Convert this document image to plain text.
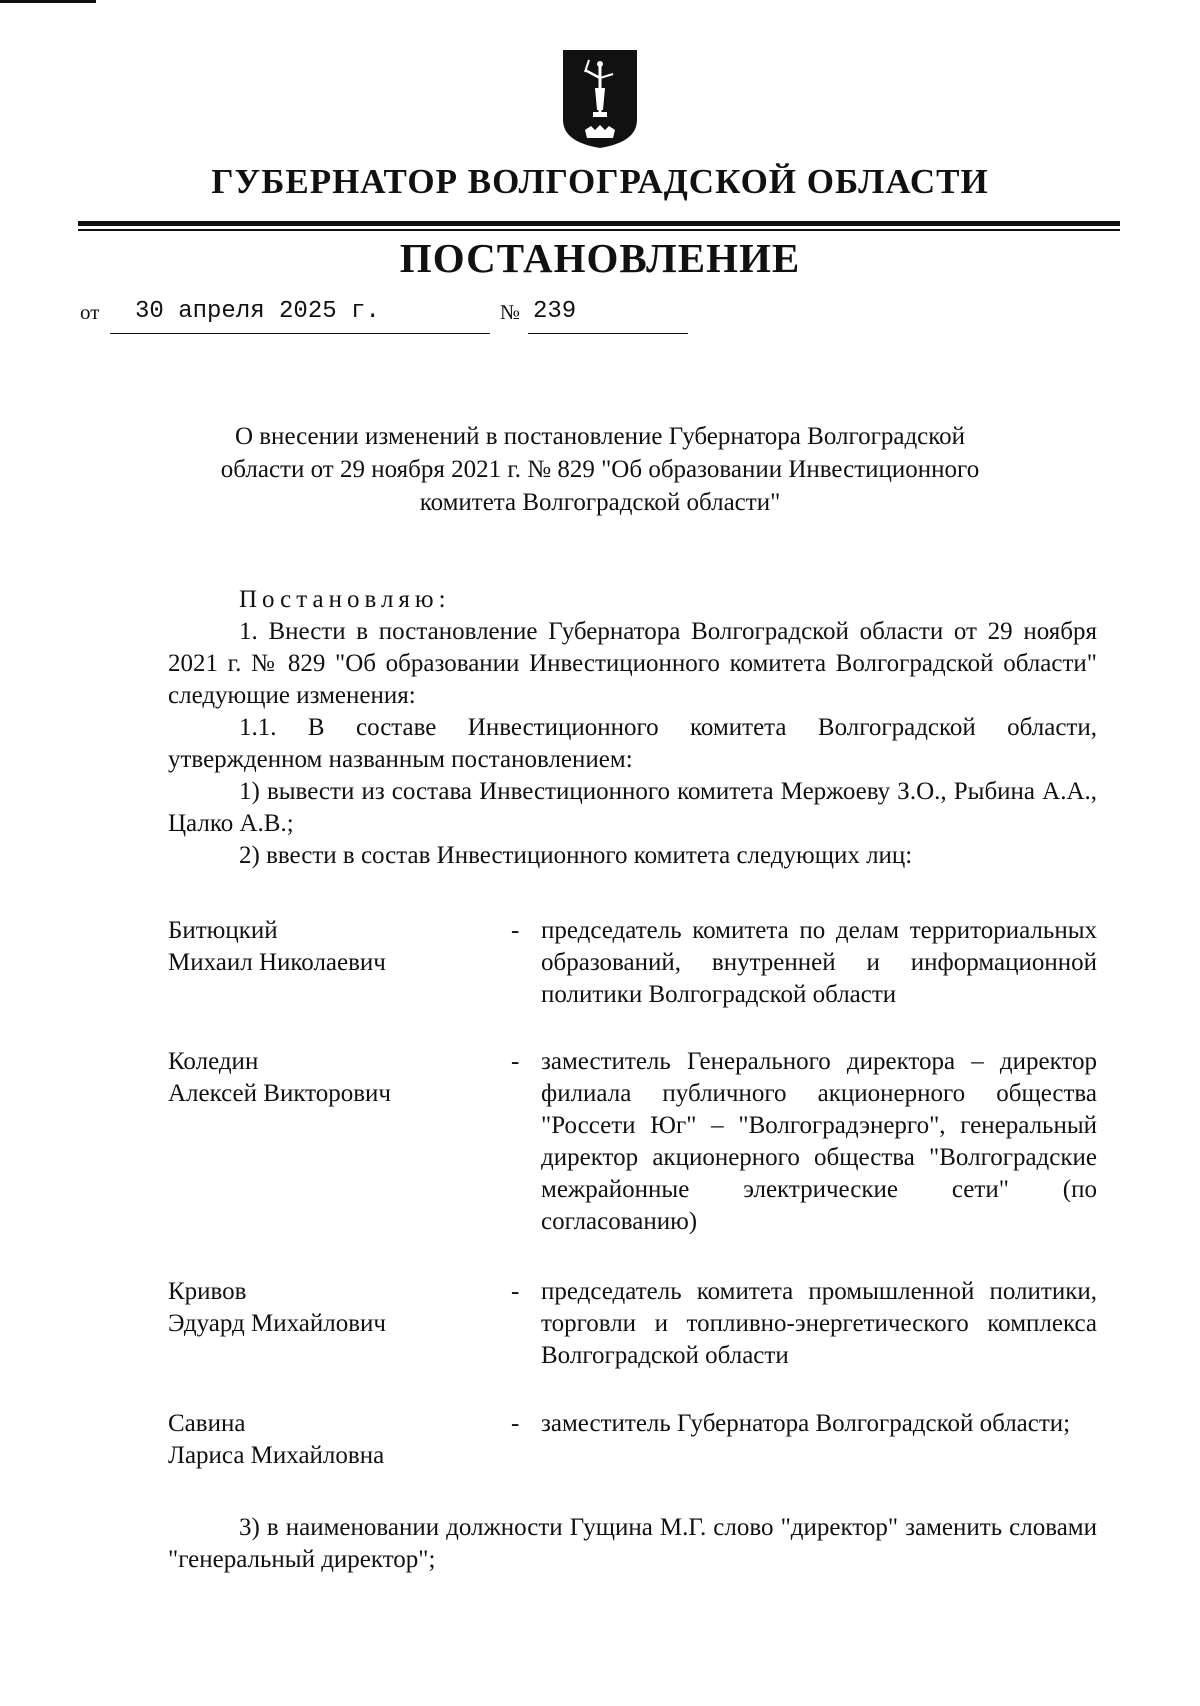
ГУБЕРНАТОР ВОЛГОГРАДСКОЙ ОБЛАСТИ
ПОСТАНОВЛЕНИЕ
от 30 апреля 2025 г.	№ 239
О внесении изменений в постановление Губернатора Волгоградской
области от 29 ноября 2021 г. № 829 "Об образовании Инвестиционного
комитета Волгоградской области"

Постановляю:

1. Внести в постановление Губернатора Волгоградской области от 29 ноября 2021 г. № 829 "Об образовании Инвестиционного комитета Волгоградской области" следующие изменения:

1.1. В составе Инвестиционного комитета Волгоградской области, утвержденном названным постановлением:

1) вывести из состава Инвестиционного комитета Мержоеву З.О., Рыбина А.А., Цалко А.В.;

2) ввести в состав Инвестиционного комитета следующих лиц:

Битюцкий
Михаил Николаевич
- председатель комитета по делам территориальных образований, внутренней и информационной политики Волгоградской области
Коледин
Алексей Викторович
- заместитель Генерального директора – директор филиала публичного акционерного общества "Россети Юг" – "Волгоградэнерго", генеральный директор акционерного общества "Волгоградские межрайонные электрические сети" (по согласованию)
Кривов
Эдуард Михайлович
- председатель комитета промышленной политики, торговли и топливно-энергетического комплекса Волгоградской области
Савина
Лариса Михайловна
- заместитель Губернатора Волгоградской области;

3) в наименовании должности Гущина М.Г. слово "директор" заменить словами "генеральный директор";
